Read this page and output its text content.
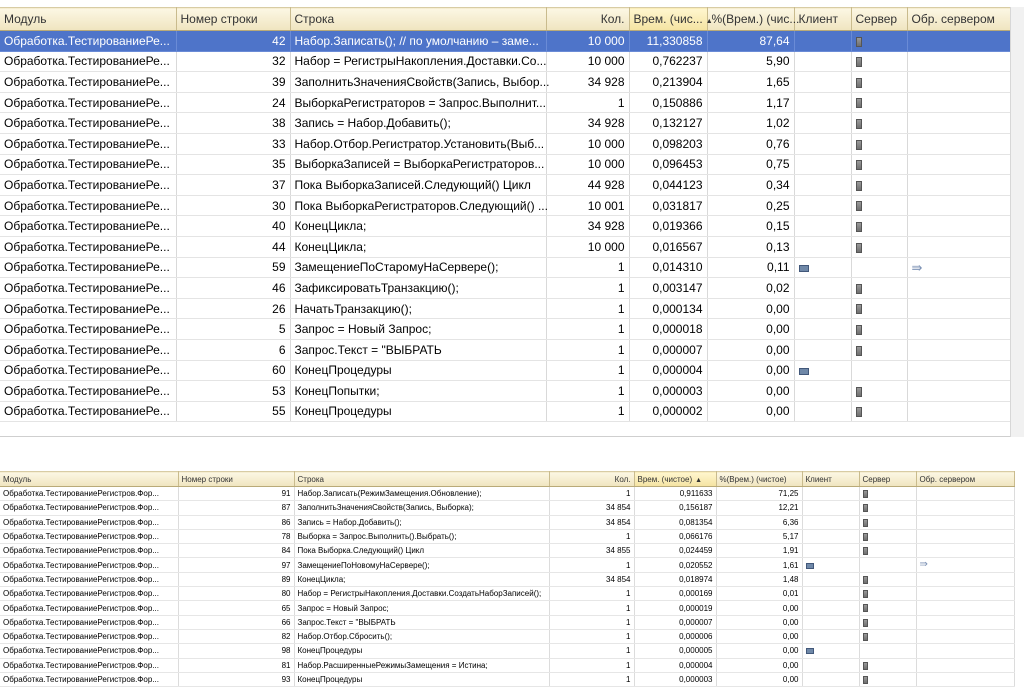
Модуль	Номер строки	Строка	Кол.	Врем. (чис... ▲	%(Врем.) (чис...	Клиент	Сервер	Обр. сервером
Обработка.ТестированиеРе...	42	Набор.Записать(); // по умолчанию – заме...	10 000	11,330858	87,64			
Обработка.ТестированиеРе...	32	Набор = РегистрыНакопления.Доставки.Со...	10 000	0,762237	5,90			
Обработка.ТестированиеРе...	39	ЗаполнитьЗначенияСвойств(Запись, Выбор...	34 928	0,213904	1,65			
Обработка.ТестированиеРе...	24	ВыборкаРегистраторов = Запрос.Выполнит...	1	0,150886	1,17			
Обработка.ТестированиеРе...	38	Запись = Набор.Добавить();	34 928	0,132127	1,02			
Обработка.ТестированиеРе...	33	Набор.Отбор.Регистратор.Установить(Выб...	10 000	0,098203	0,76			
Обработка.ТестированиеРе...	35	ВыборкаЗаписей = ВыборкаРегистраторов...	10 000	0,096453	0,75			
Обработка.ТестированиеРе...	37	Пока ВыборкаЗаписей.Следующий() Цикл	44 928	0,044123	0,34			
Обработка.ТестированиеРе...	30	Пока ВыборкаРегистраторов.Следующий() ...	10 001	0,031817	0,25			
Обработка.ТестированиеРе...	40	КонецЦикла;	34 928	0,019366	0,15			
Обработка.ТестированиеРе...	44	КонецЦикла;	10 000	0,016567	0,13			
Обработка.ТестированиеРе...	59	ЗамещениеПоСтаромуНаСервере();	1	0,014310	0,11			⇛
Обработка.ТестированиеРе...	46	ЗафиксироватьТранзакцию();	1	0,003147	0,02			
Обработка.ТестированиеРе...	26	НачатьТранзакцию();	1	0,000134	0,00			
Обработка.ТестированиеРе...	5	Запрос = Новый Запрос;	1	0,000018	0,00			
Обработка.ТестированиеРе...	6	Запрос.Текст = "ВЫБРАТЬ	1	0,000007	0,00			
Обработка.ТестированиеРе...	60	КонецПроцедуры	1	0,000004	0,00			
Обработка.ТестированиеРе...	53	КонецПопытки;	1	0,000003	0,00			
Обработка.ТестированиеРе...	55	КонецПроцедуры	1	0,000002	0,00			
Модуль	Номер строки	Строка	Кол.	Врем. (чистое) ▲	%(Врем.) (чистое)	Клиент	Сервер	Обр. сервером
Обработка.ТестированиеРегистров.Фор...	91	Набор.Записать(РежимЗамещения.Обновление);	1	0,911633	71,25			
Обработка.ТестированиеРегистров.Фор...	87	ЗаполнитьЗначенияСвойств(Запись, Выборка);	34 854	0,156187	12,21			
Обработка.ТестированиеРегистров.Фор...	86	Запись = Набор.Добавить();	34 854	0,081354	6,36			
Обработка.ТестированиеРегистров.Фор...	78	Выборка = Запрос.Выполнить().Выбрать();	1	0,066176	5,17			
Обработка.ТестированиеРегистров.Фор...	84	Пока Выборка.Следующий() Цикл	34 855	0,024459	1,91			
Обработка.ТестированиеРегистров.Фор...	97	ЗамещениеПоНовомуНаСервере();	1	0,020552	1,61			⇛
Обработка.ТестированиеРегистров.Фор...	89	КонецЦикла;	34 854	0,018974	1,48			
Обработка.ТестированиеРегистров.Фор...	80	Набор = РегистрыНакопления.Доставки.СоздатьНаборЗаписей();	1	0,000169	0,01			
Обработка.ТестированиеРегистров.Фор...	65	Запрос = Новый Запрос;	1	0,000019	0,00			
Обработка.ТестированиеРегистров.Фор...	66	Запрос.Текст = "ВЫБРАТЬ	1	0,000007	0,00			
Обработка.ТестированиеРегистров.Фор...	82	Набор.Отбор.Сбросить();	1	0,000006	0,00			
Обработка.ТестированиеРегистров.Фор...	98	КонецПроцедуры	1	0,000005	0,00			
Обработка.ТестированиеРегистров.Фор...	81	Набор.РасширенныеРежимыЗамещения = Истина;	1	0,000004	0,00			
Обработка.ТестированиеРегистров.Фор...	93	КонецПроцедуры	1	0,000003	0,00			
